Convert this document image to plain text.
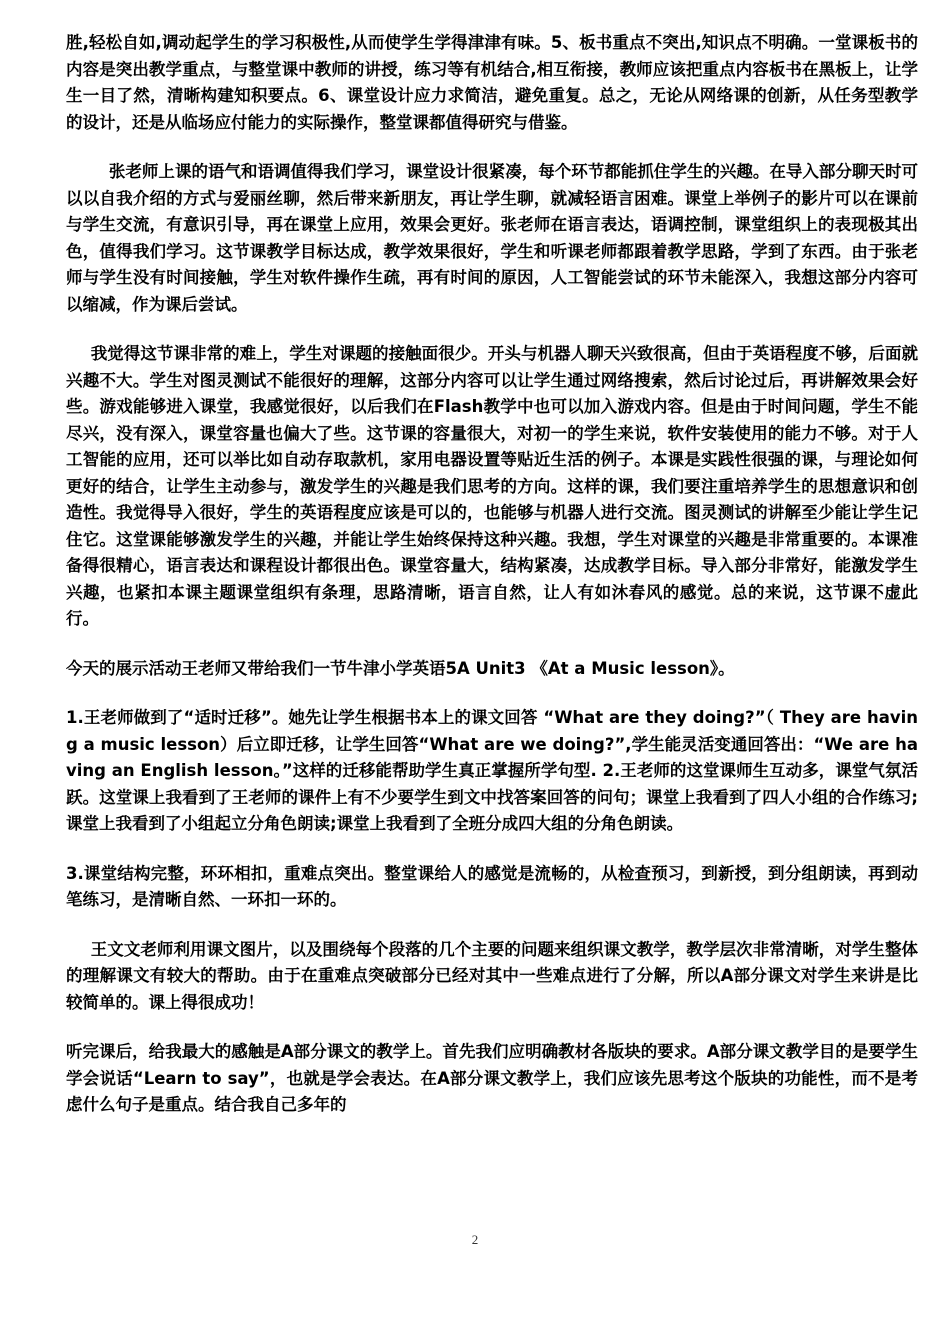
胜,轻松自如,调动起学生的学习积极性,从而使学生学得津津有味。5、板书重点不突出,知识点不明确。一堂课板书的内容是突出教学重点，与整堂课中教师的讲授，练习等有机结合,相互衔接，教师应该把重点内容板书在黑板上，让学生一目了然，清晰构建知积要点。6、课堂设计应力求简洁，避免重复。总之，无论从网络课的创新，从任务型教学的设计，还是从临场应付能力的实际操作，整堂课都值得研究与借鉴。

张老师上课的语气和语调值得我们学习，课堂设计很紧凑，每个环节都能抓住学生的兴趣。在导入部分聊天时可以以自我介绍的方式与爱丽丝聊，然后带来新朋友，再让学生聊，就减轻语言困难。课堂上举例子的影片可以在课前与学生交流，有意识引导，再在课堂上应用，效果会更好。张老师在语言表达，语调控制，课堂组织上的表现极其出色，值得我们学习。这节课教学目标达成，教学效果很好，学生和听课老师都跟着教学思路，学到了东西。由于张老师与学生没有时间接触，学生对软件操作生疏，再有时间的原因，人工智能尝试的环节未能深入，我想这部分内容可以缩减，作为课后尝试。

我觉得这节课非常的难上，学生对课题的接触面很少。开头与机器人聊天兴致很高，但由于英语程度不够，后面就兴趣不大。学生对图灵测试不能很好的理解，这部分内容可以让学生通过网络搜索，然后讨论过后，再讲解效果会好些。游戏能够进入课堂，我感觉很好，以后我们在Flash教学中也可以加入游戏内容。但是由于时间问题，学生不能尽兴，没有深入，课堂容量也偏大了些。这节课的容量很大，对初一的学生来说，软件安装使用的能力不够。对于人工智能的应用，还可以举比如自动存取款机，家用电器设置等贴近生活的例子。本课是实践性很强的课，与理论如何更好的结合，让学生主动参与，激发学生的兴趣是我们思考的方向。这样的课，我们要注重培养学生的思想意识和创造性。我觉得导入很好，学生的英语程度应该是可以的，也能够与机器人进行交流。图灵测试的讲解至少能让学生记住它。这堂课能够激发学生的兴趣，并能让学生始终保持这种兴趣。我想，学生对课堂的兴趣是非常重要的。本课准备得很精心，语言表达和课程设计都很出色。课堂容量大，结构紧凑，达成教学目标。导入部分非常好，能激发学生兴趣，也紧扣本课主题课堂组织有条理，思路清晰，语言自然，让人有如沐春风的感觉。总的来说，这节课不虚此行。

今天的展示活动王老师又带给我们一节牛津小学英语5A Unit3 《At a Music lesson》。

1.王老师做到了“适时迁移”。她先让学生根据书本上的课文回答 “What are they doing?”（ They are having a music lesson）后立即迁移，让学生回答“What are we doing?”,学生能灵活变通回答出：“We are having an English lesson。”这样的迁移能帮助学生真正掌握所学句型. 2.王老师的这堂课师生互动多，课堂气氛活跃。这堂课上我看到了王老师的课件上有不少要学生到文中找答案回答的问句；课堂上我看到了四人小组的合作练习;课堂上我看到了小组起立分角色朗读;课堂上我看到了全班分成四大组的分角色朗读。

3.课堂结构完整，环环相扣，重难点突出。整堂课给人的感觉是流畅的，从检查预习，到新授，到分组朗读，再到动笔练习，是清晰自然、一环扣一环的。

王文文老师利用课文图片，以及围绕每个段落的几个主要的问题来组织课文教学，教学层次非常清晰，对学生整体的理解课文有较大的帮助。由于在重难点突破部分已经对其中一些难点进行了分解，所以A部分课文对学生来讲是比较简单的。课上得很成功！

听完课后，给我最大的感触是A部分课文的教学上。首先我们应明确教材各版块的要求。A部分课文教学目的是要学生学会说话“Learn to say”，也就是学会表达。在A部分课文教学上，我们应该先思考这个版块的功能性，而不是考虑什么句子是重点。结合我自己多年的

2
